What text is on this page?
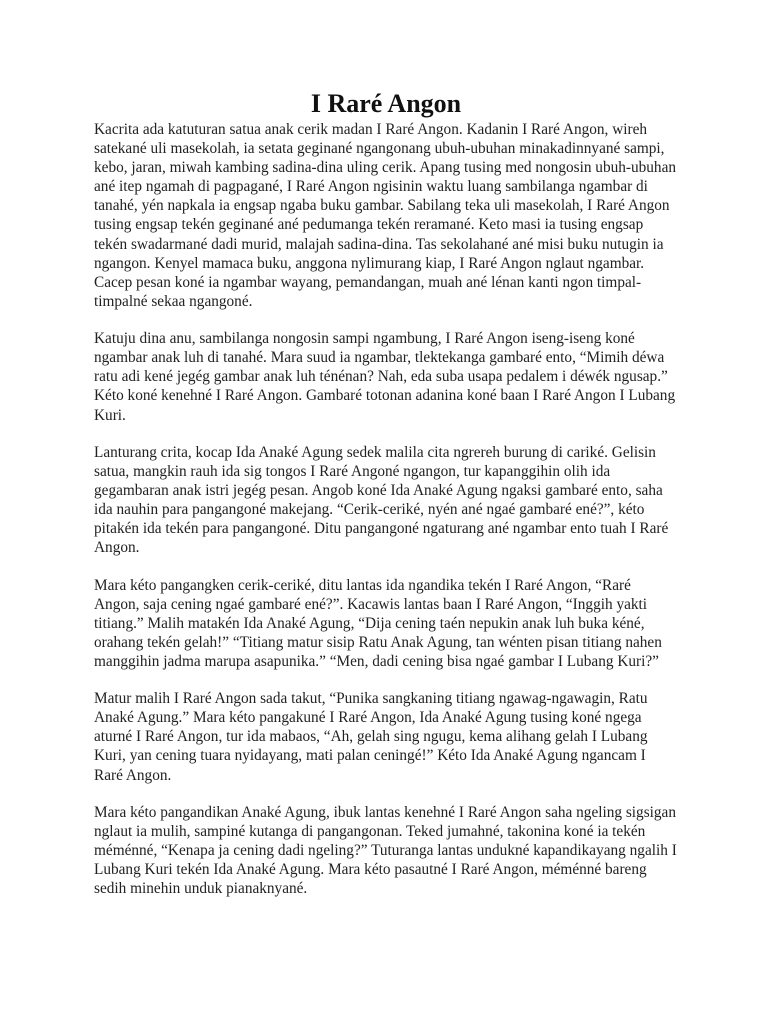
I Raré Angon

Kacrita ada katuturan satua anak cerik madan I Raré Angon. Kadanin I Raré Angon, wireh satekané uli masekolah, ia setata geginané ngangonang ubuh-ubuhan minakadinnyané sampi, kebo, jaran, miwah kambing sadina-dina uling cerik. Apang tusing med nongosin ubuh-ubuhan ané itep ngamah di pagpagané, I Raré Angon ngisinin waktu luang sambilanga ngambar di tanahé, yén napkala ia engsap ngaba buku gambar. Sabilang teka uli masekolah, I Raré Angon tusing engsap tekén geginané ané pedumanga tekén reramané. Keto masi ia tusing engsap tekén swadarmané dadi murid, malajah sadina-dina. Tas sekolahané ané misi buku nutugin ia ngangon. Kenyel mamaca buku, anggona nylimurang kiap, I Raré Angon nglaut ngambar. Cacep pesan koné ia ngambar wayang, pemandangan, muah ané lénan kanti ngon timpal-timpalné sekaa ngangoné.

Katuju dina anu, sambilanga nongosin sampi ngambung, I Raré Angon iseng-iseng koné ngambar anak luh di tanahé. Mara suud ia ngambar, tlektekanga gambaré ento, “Mimih déwa ratu adi kené jegég gambar anak luh ténénan? Nah, eda suba usapa pedalem i déwék ngusap.” Kéto koné kenehné I Raré Angon. Gambaré totonan adanina koné baan I Raré Angon I Lubang Kuri.

Lanturang crita, kocap Ida Anaké Agung sedek malila cita ngrereh burung di cariké. Gelisin satua, mangkin rauh ida sig tongos I Raré Angoné ngangon, tur kapanggihin olih ida gegambaran anak istri jegég pesan. Angob koné Ida Anaké Agung ngaksi gambaré ento, saha ida nauhin para pangangoné makejang. “Cerik-ceriké, nyén ané ngaé gambaré ené?”, kéto pitakén ida tekén para pangangoné. Ditu pangangoné ngaturang ané ngambar ento tuah I Raré Angon.

Mara kéto pangangken cerik-ceriké, ditu lantas ida ngandika tekén I Raré Angon, “Raré Angon, saja cening ngaé gambaré ené?”. Kacawis lantas baan I Raré Angon, “Inggih yakti titiang.” Malih matakén Ida Anaké Agung, “Dija cening taén nepukin anak luh buka kéné, orahang tekén gelah!” “Titiang matur sisip Ratu Anak Agung, tan wénten pisan titiang nahen manggihin jadma marupa asapunika.” “Men, dadi cening bisa ngaé gambar I Lubang Kuri?”

Matur malih I Raré Angon sada takut, “Punika sangkaning titiang ngawag-ngawagin, Ratu Anaké Agung.” Mara kéto pangakuné I Raré Angon, Ida Anaké Agung tusing koné ngega aturné I Raré Angon, tur ida mabaos, “Ah, gelah sing ngugu, kema alihang gelah I Lubang Kuri, yan cening tuara nyidayang, mati palan ceningé!” Kéto Ida Anaké Agung ngancam I Raré Angon.

Mara kéto pangandikan Anaké Agung, ibuk lantas kenehné I Raré Angon saha ngeling sigsigan nglaut ia mulih, sampiné kutanga di pangangonan. Teked jumahné, takonina koné ia tekén méménné, “Kenapa ja cening dadi ngeling?” Tuturanga lantas undukné kapandikayang ngalih I Lubang Kuri tekén Ida Anaké Agung. Mara kéto pasautné I Raré Angon, méménné bareng sedih minehin unduk pianaknyané.
